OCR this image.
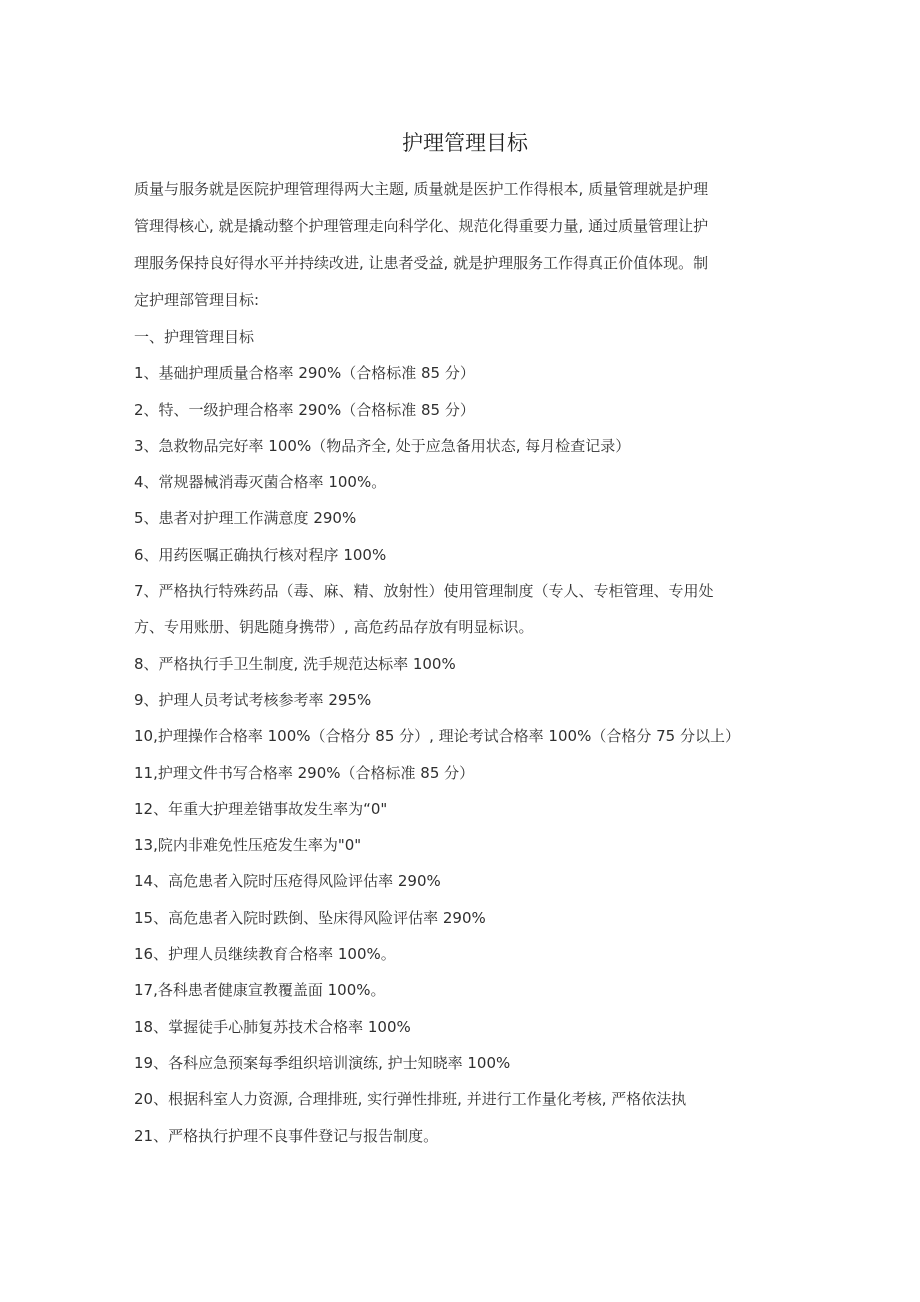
护理管理目标

质量与服务就是医院护理管理得两大主题, 质量就是医护工作得根本, 质量管理就是护理
管理得核心, 就是撬动整个护理管理走向科学化、规范化得重要力量, 通过质量管理让护
理服务保持良好得水平并持续改进, 让患者受益, 就是护理服务工作得真正价值体现。制
定护理部管理目标:

一、护理管理目标
1、基础护理质量合格率 290%（合格标准 85 分）
2、特、一级护理合格率 290%（合格标准 85 分）
3、急救物品完好率 100%（物品齐全, 处于应急备用状态, 每月检查记录）
4、常规器械消毒灭菌合格率 100%。
5、患者对护理工作满意度 290%
6、用药医嘱正确执行核对程序 100%
7、严格执行特殊药品（毒、麻、精、放射性）使用管理制度（专人、专柜管理、专用处
方、专用账册、钥匙随身携带）, 高危药品存放有明显标识。
8、严格执行手卫生制度, 洗手规范达标率 100%
9、护理人员考试考核参考率 295%
10,护理操作合格率 100%（合格分 85 分）, 理论考试合格率 100%（合格分 75 分以上）
11,护理文件书写合格率 290%（合格标准 85 分）
12、年重大护理差错事故发生率为“0"
13,院内非难免性压疮发生率为"0"
14、高危患者入院时压疮得风险评估率 290%
15、高危患者入院时跌倒、坠床得风险评估率 290%
16、护理人员继续教育合格率 100%。
17,各科患者健康宣教覆盖面 100%。
18、掌握徒手心肺复苏技术合格率 100%
19、各科应急预案每季组织培训演练, 护士知晓率 100%
20、根据科室人力资源, 合理排班, 实行弹性排班, 并进行工作量化考核, 严格依法执
21、严格执行护理不良事件登记与报告制度。
